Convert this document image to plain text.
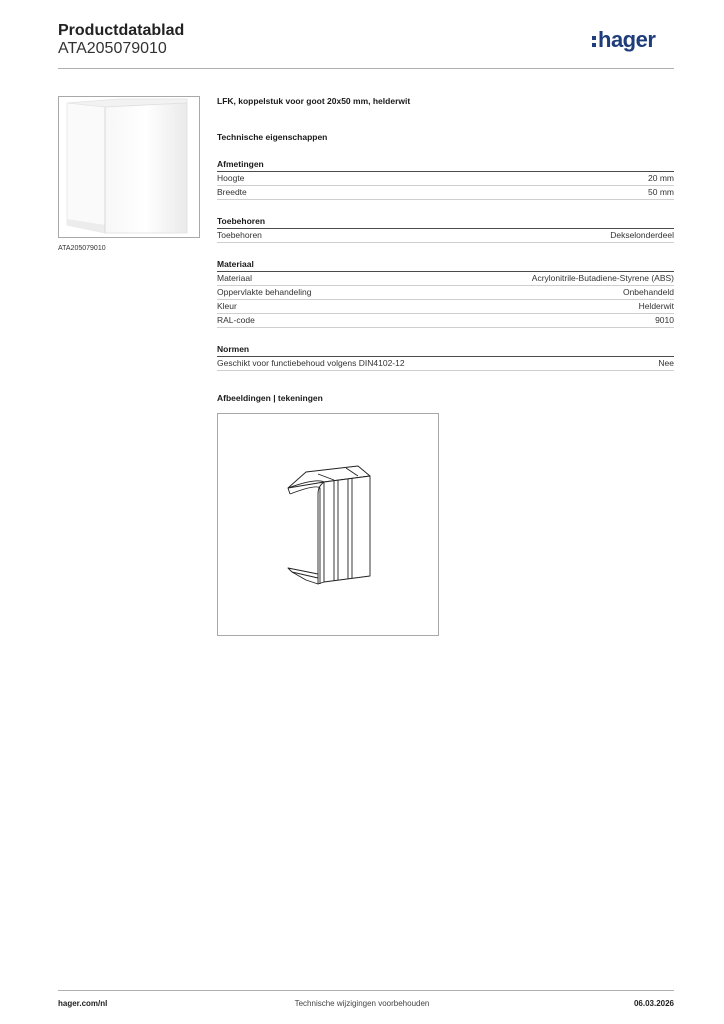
Productdatablad
ATA205079010	hager
ATA205079010

LFK, koppelstuk voor goot 20x50 mm, helderwit

Technische eigenschappen

Afmetingen
Hoogte	20 mm
Breedte	50 mm
Toebehoren
Toebehoren	Dekselonderdeel
Materiaal
Materiaal	Acrylonitrile-Butadiene-Styrene (ABS)
Oppervlakte behandeling	Onbehandeld
Kleur	Helderwit
RAL-code	9010
Normen
Geschikt voor functiebehoud volgens DIN4102-12	Nee

Afbeeldingen | tekeningen

hager.com/nl	Technische wijzigingen voorbehouden	06.03.2026
